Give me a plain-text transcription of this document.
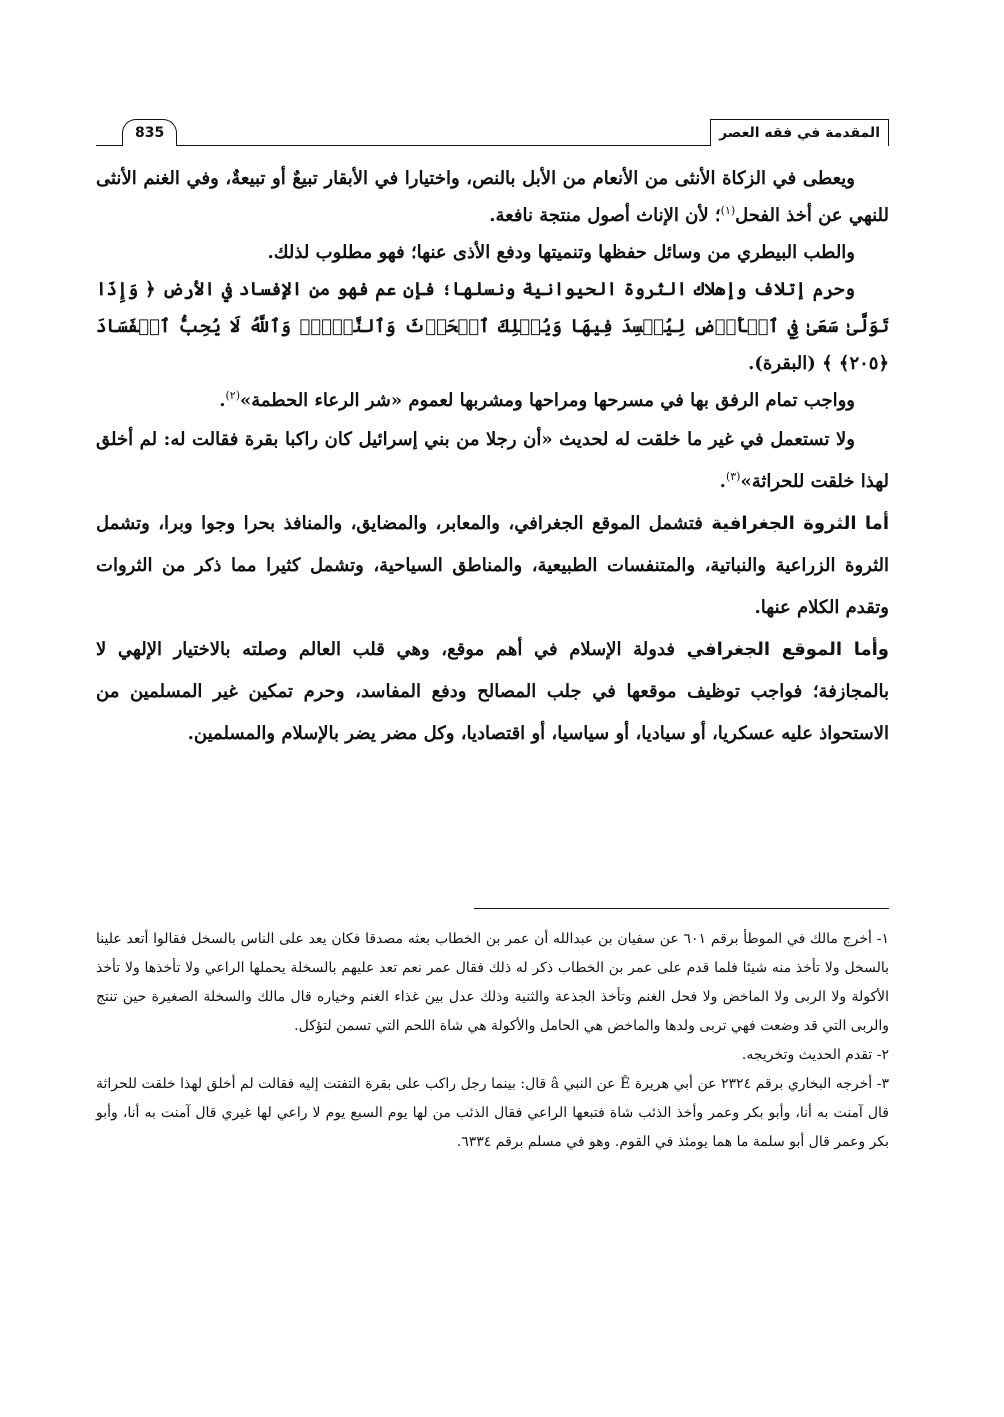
المقدمة في فقه العصر
835

ويعطى في الزكاة الأنثى من الأنعام من الأبل بالنص، واختيارا في الأبقار تبيعٌ أو تبيعةٌ، وفي الغنم الأنثى للنهي عن أخذ الفحل$^{(١)}$؛ لأن الإناث أصول منتجة نافعة.

والطب البيطري من وسائل حفظها وتنميتها ودفع الأذى عنها؛ فهو مطلوب لذلك.

وحرم إتلاف وإهلاك الثروة الحيوانية ونسلها؛ فإن عم فهو من الإفساد في الأرض ﴿ وَإِذَا تَوَلَّىٰ سَعَىٰ فِي ٱلۡأَرۡضِ لِيُفۡسِدَ فِيهَا وَيُهۡلِكَ ٱلۡحَرۡثَ وَٱلنَّسۡلَۚ وَٱللَّهُ لَا يُحِبُّ ٱلۡفَسَادَ ﴿٢٠٥﴾ ﴾ (البقرة).

وواجب تمام الرفق بها في مسرحها ومراحها ومشربها لعموم «شر الرعاء الحطمة»$^{(٢)}$.

ولا تستعمل في غير ما خلقت له لحديث «أن رجلا من بني إسرائيل كان راكبا بقرة فقالت له: لم أخلق لهذا خلقت للحراثة»$^{(٣)}$.

أما الثروة الجغرافية فتشمل الموقع الجغرافي، والمعابر، والمضايق، والمنافذ بحرا وجوا وبرا، وتشمل الثروة الزراعية والنباتية، والمتنفسات الطبيعية، والمناطق السياحية، وتشمل كثيرا مما ذكر من الثروات وتقدم الكلام عنها.

وأما الموقع الجغرافي فدولة الإسلام في أهم موقع، وهي قلب العالم وصلته بالاختيار الإلهي لا بالمجازفة؛ فواجب توظيف موقعها في جلب المصالح ودفع المفاسد، وحرم تمكين غير المسلمين من الاستحواذ عليه عسكريا، أو سياديا، أو سياسيا، أو اقتصاديا، وكل مضر يضر بالإسلام والمسلمين.

١- أخرج مالك في الموطأ برقم ٦٠١ عن سفيان بن عبدالله أن عمر بن الخطاب بعثه مصدقا فكان يعد على الناس بالسخل فقالوا أتعد علينا بالسخل ولا تأخذ منه شيئا فلما قدم على عمر بن الخطاب ذكر له ذلك فقال عمر نعم تعد عليهم بالسخلة يحملها الراعي ولا تأخذها ولا تأخذ الأكولة ولا الربى ولا الماخض ولا فحل الغنم وتأخذ الجذعة والثنية وذلك عدل بين غذاء الغنم وخياره قال مالك والسخلة الصغيرة حين تنتج والربى التي قد وضعت فهي تربى ولدها والماخض هي الحامل والأكولة هي شاة اللحم التي تسمن لتؤكل.

٢- تقدم الحديث وتخريجه.

٣- أخرجه البخاري برقم ٢٣٢٤ عن أبي هريرة Ê عن النبي â قال: بينما رجل راكب على بقرة التفتت إليه فقالت لم أخلق لهذا خلقت للحراثة قال آمنت به أنا، وأبو بكر وعمر وأخذ الذئب شاة فتبعها الراعي فقال الذئب من لها يوم السبع يوم لا راعي لها غيري قال آمنت به أنا، وأبو بكر وعمر قال أبو سلمة ما هما يومئذ في القوم. وهو في مسلم برقم ٦٣٣٤.
